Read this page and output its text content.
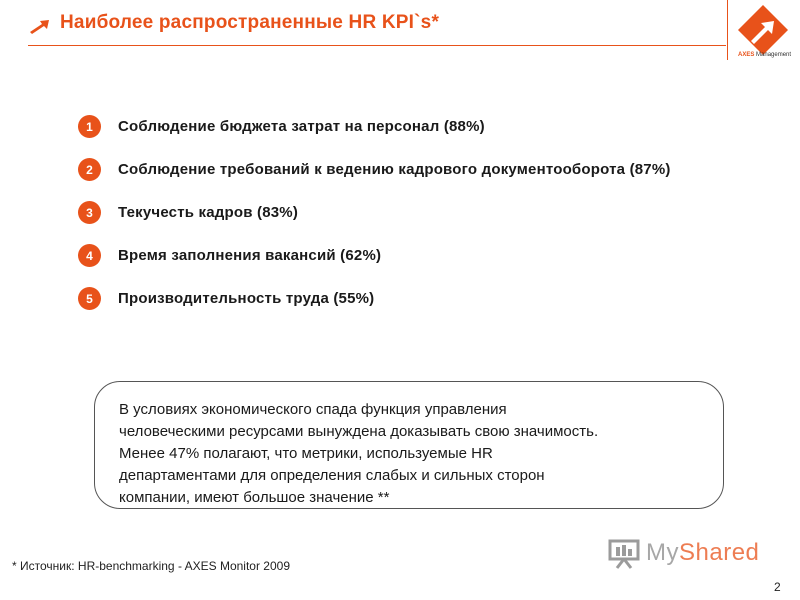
Наиболее распространенные HR KPI`s*
AXES Management
1	Соблюдение бюджета затрат на персонал (88%)
2	Соблюдение требований к ведению кадрового документооборота (87%)
3	Текучесть кадров (83%)
4	Время заполнения вакансий (62%)
5	Производительность труда (55%)
В условиях экономического спада функция управления
человеческими ресурсами вынуждена доказывать свою значимость.
Менее 47% полагают, что метрики, используемые HR
департаментами для определения слабых и сильных сторон
компании, имеют большое значение **
* Источник: HR-benchmarking - AXES Monitor 2009	MyShared
2
